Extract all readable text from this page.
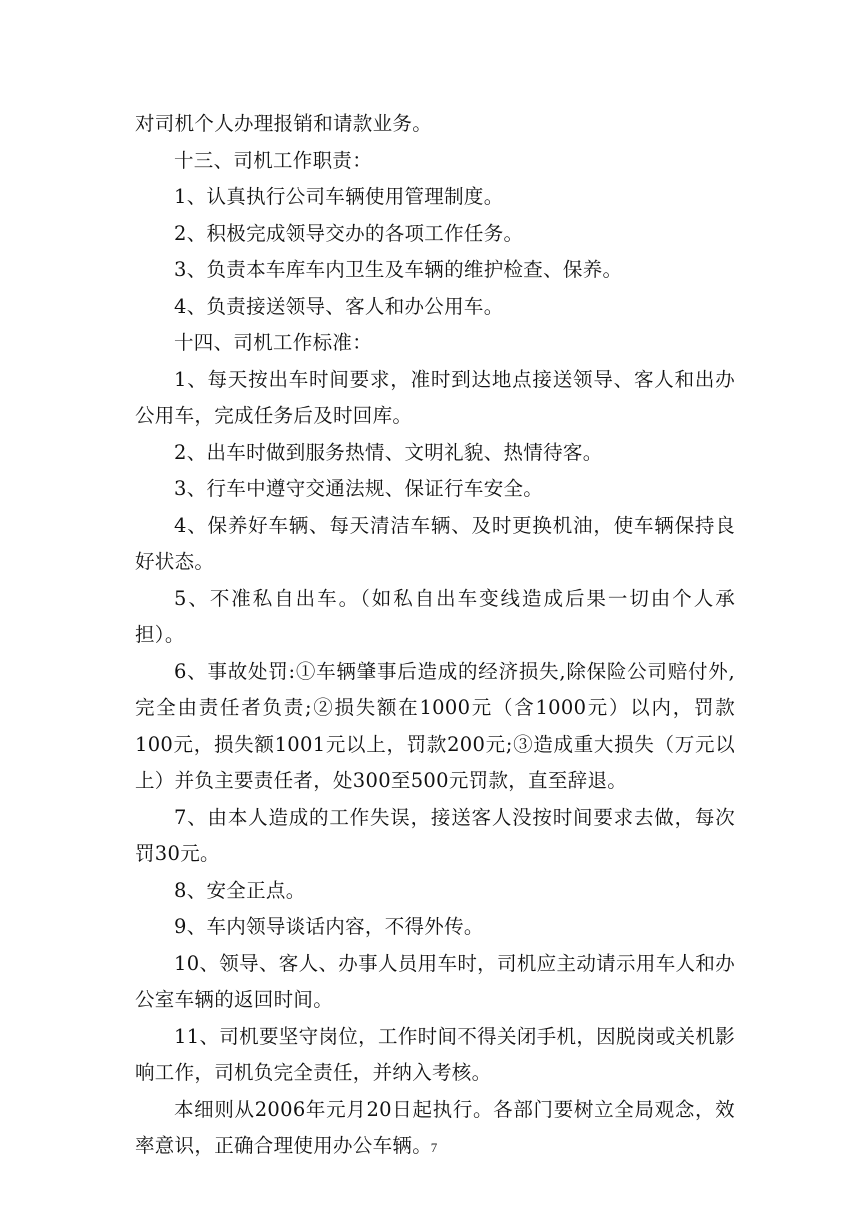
对司机个人办理报销和请款业务。

十三、司机工作职责：

1、认真执行公司车辆使用管理制度。

2、积极完成领导交办的各项工作任务。

3、负责本车库车内卫生及车辆的维护检查、保养。

4、负责接送领导、客人和办公用车。

十四、司机工作标准：

1、每天按出车时间要求，准时到达地点接送领导、客人和出办公用车，完成任务后及时回库。

2、出车时做到服务热情、文明礼貌、热情待客。

3、行车中遵守交通法规、保证行车安全。

4、保养好车辆、每天清洁车辆、及时更换机油，使车辆保持良好状态。

5、不准私自出车。（如私自出车变线造成后果一切由个人承担）。

6、事故处罚:①车辆肇事后造成的经济损失,除保险公司赔付外,完全由责任者负责;②损失额在1000元（含1000元）以内，罚款100元，损失额1001元以上，罚款200元;③造成重大损失（万元以上）并负主要责任者，处300至500元罚款，直至辞退。

7、由本人造成的工作失误，接送客人没按时间要求去做，每次罚30元。

8、安全正点。

9、车内领导谈话内容，不得外传。

10、领导、客人、办事人员用车时，司机应主动请示用车人和办公室车辆的返回时间。

11、司机要坚守岗位，工作时间不得关闭手机，因脱岗或关机影响工作，司机负完全责任，并纳入考核。

本细则从2006年元月20日起执行。各部门要树立全局观念，效率意识，正确合理使用办公车辆。

7
